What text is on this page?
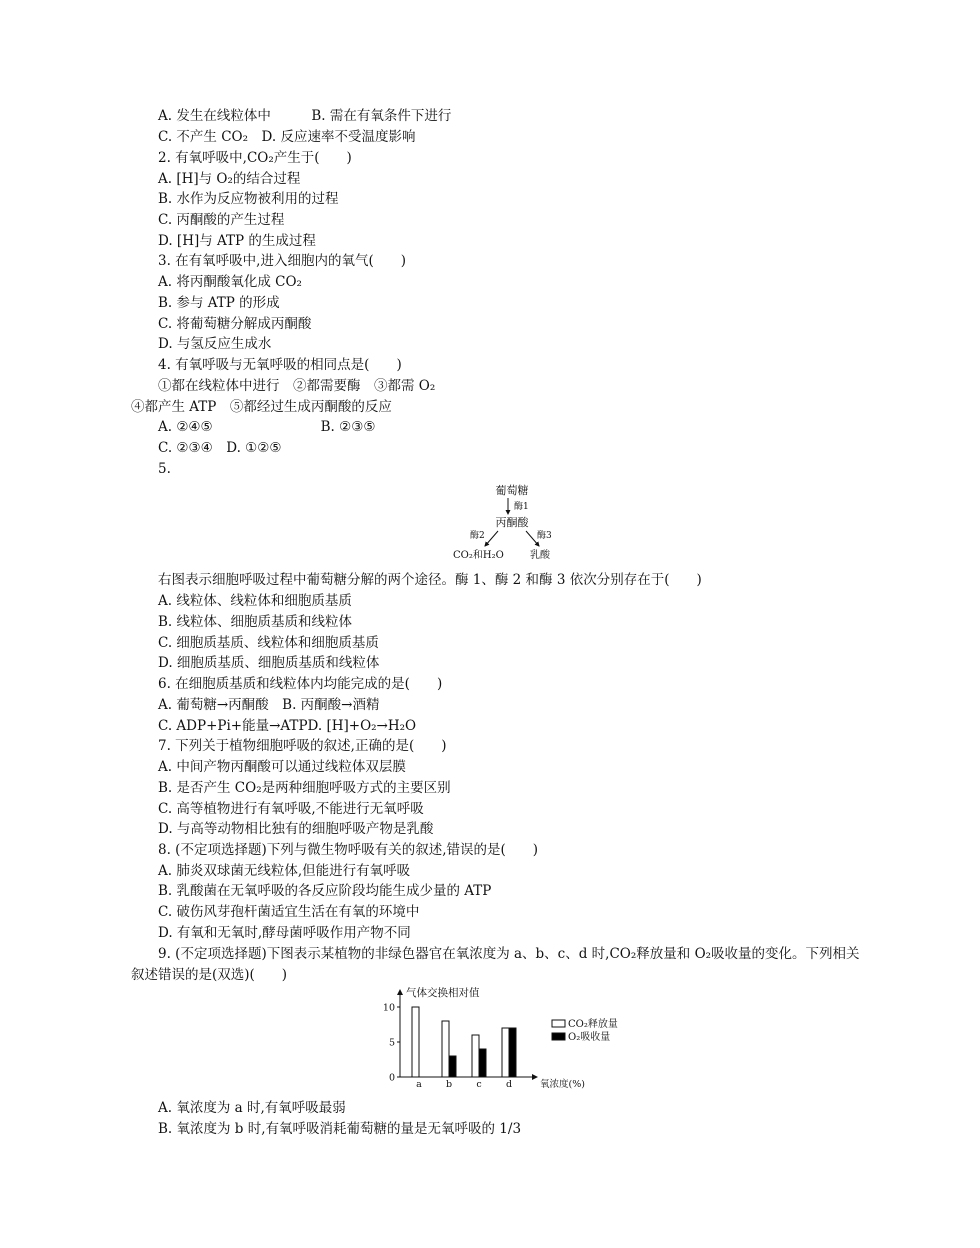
A. 发生在线粒体中　　　B. 需在有氧条件下进行
C. 不产生 CO₂　D. 反应速率不受温度影响
2. 有氧呼吸中,CO₂产生于(　　)
A. [H]与 O₂的结合过程
B. 水作为反应物被利用的过程
C. 丙酮酸的产生过程
D. [H]与 ATP 的生成过程
3. 在有氧呼吸中,进入细胞内的氧气(　　)
A. 将丙酮酸氧化成 CO₂
B. 参与 ATP 的形成
C. 将葡萄糖分解成丙酮酸
D. 与氢反应生成水
4. 有氧呼吸与无氧呼吸的相同点是(　　)
①都在线粒体中进行　②都需要酶　③都需 O₂
④都产生 ATP　⑤都经过生成丙酮酸的反应
A. ②④⑤　　　　　　　　B. ②③⑤
C. ②③④　D. ①②⑤
5.
葡萄糖
酶1
丙酮酸
酶2	酶3
CO₂和H₂O	乳酸
右图表示细胞呼吸过程中葡萄糖分解的两个途径。酶 1、酶 2 和酶 3 依次分别存在于(　　)
A. 线粒体、线粒体和细胞质基质
B. 线粒体、细胞质基质和线粒体
C. 细胞质基质、线粒体和细胞质基质
D. 细胞质基质、细胞质基质和线粒体
6. 在细胞质基质和线粒体内均能完成的是(　　)
A. 葡萄糖→丙酮酸　B. 丙酮酸→酒精
C. ADP+Pi+能量→ATPD. [H]+O₂→H₂O
7. 下列关于植物细胞呼吸的叙述,正确的是(　　)
A. 中间产物丙酮酸可以通过线粒体双层膜
B. 是否产生 CO₂是两种细胞呼吸方式的主要区别
C. 高等植物进行有氧呼吸,不能进行无氧呼吸
D. 与高等动物相比独有的细胞呼吸产物是乳酸
8. (不定项选择题)下列与微生物呼吸有关的叙述,错误的是(　　)
A. 肺炎双球菌无线粒体,但能进行有氧呼吸
B. 乳酸菌在无氧呼吸的各反应阶段均能生成少量的 ATP
C. 破伤风芽孢杆菌适宜生活在有氧的环境中
D. 有氧和无氧时,酵母菌呼吸作用产物不同
9. (不定项选择题)下图表示某植物的非绿色器官在氧浓度为 a、b、c、d 时,CO₂释放量和 O₂吸收量的变化。下列相关
叙述错误的是(双选)(　　)
气体交换相对值
氧浓度(%)
0
5
10
a	b	c	d
CO₂释放量
O₂吸收量
A. 氧浓度为 a 时,有氧呼吸最弱
B. 氧浓度为 b 时,有氧呼吸消耗葡萄糖的量是无氧呼吸的 1/3
